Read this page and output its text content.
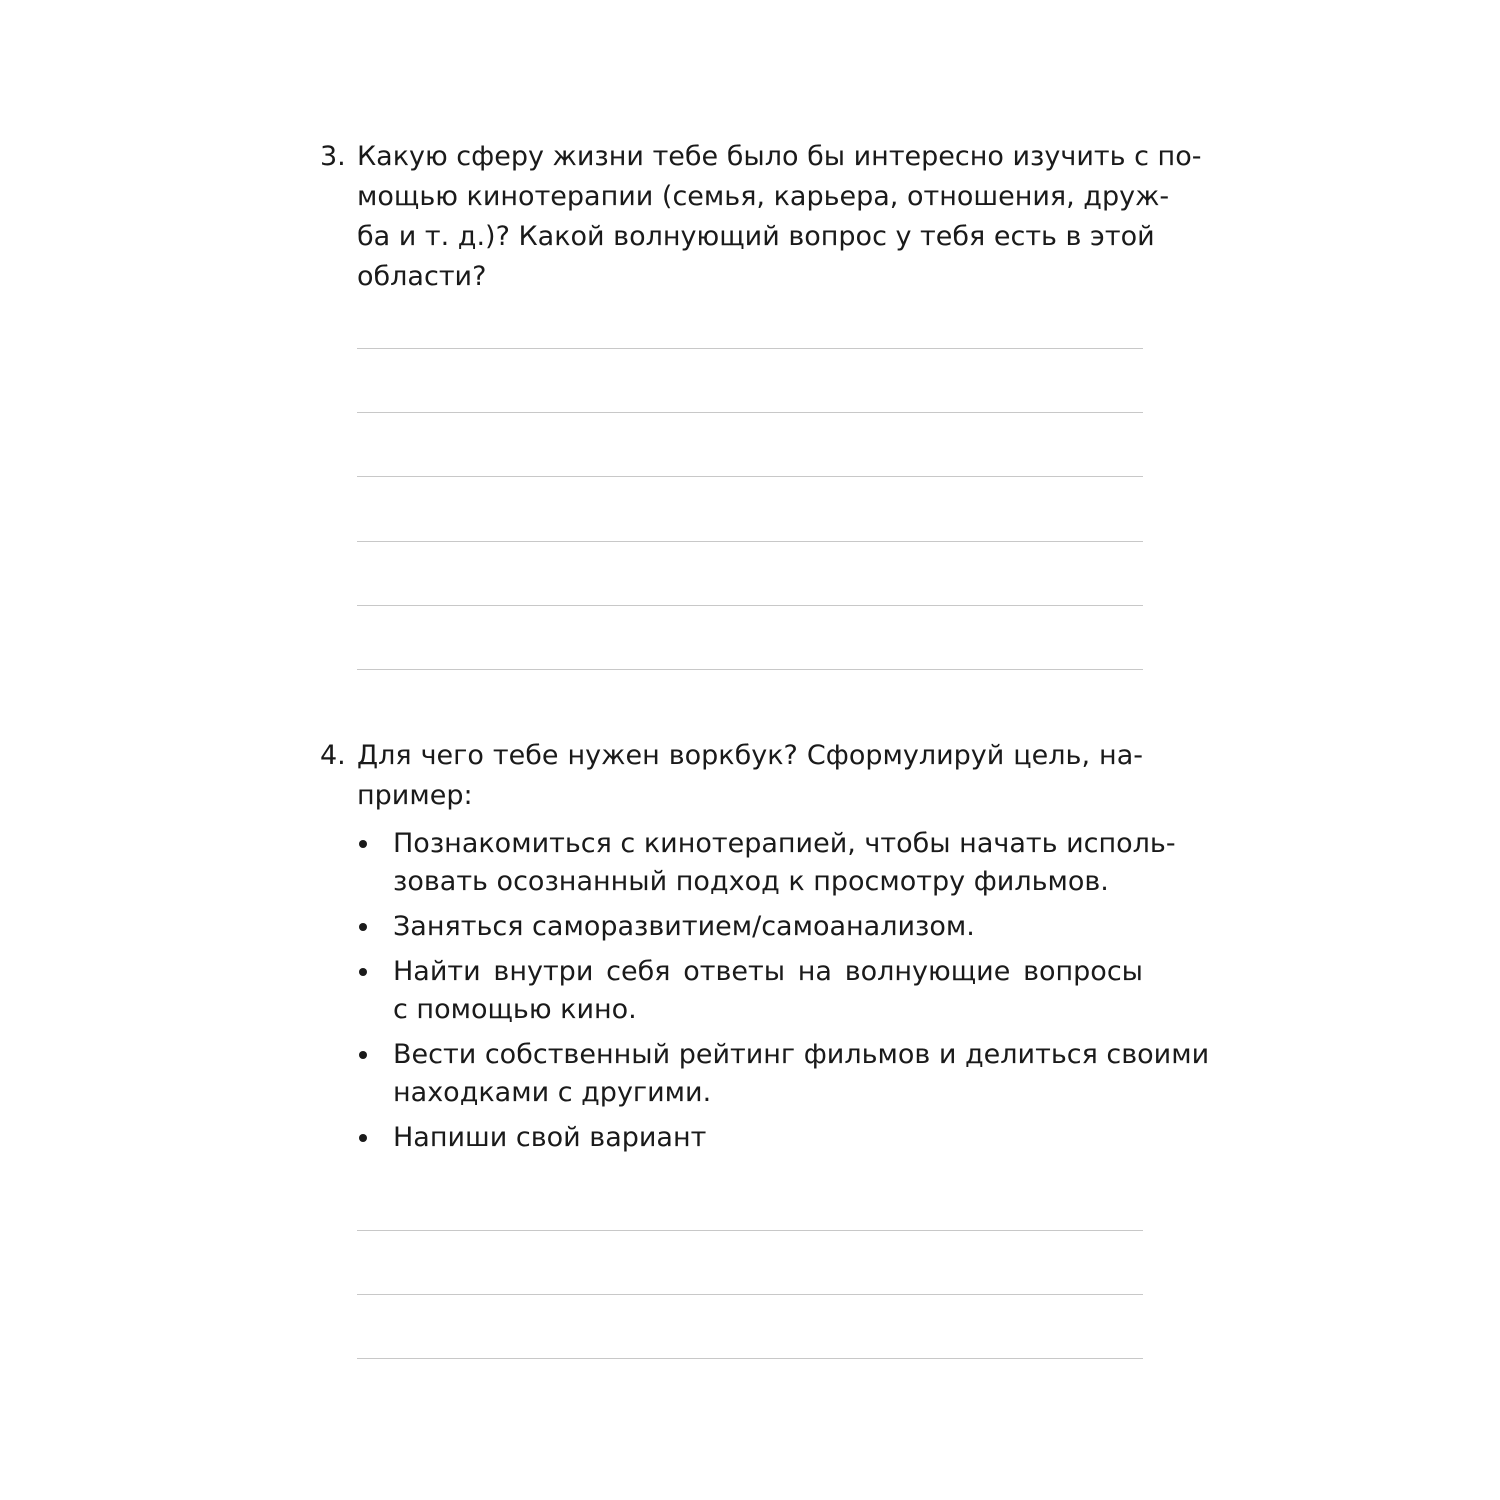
3. Какую сферу жизни тебе было бы интересно изучить с по-
мощью кинотерапии (семья, карьера, отношения, друж-
ба и т. д.)? Какой волнующий вопрос у тебя есть в этой
области?
4. Для чего тебе нужен воркбук? Сформулируй цель, на-
пример:
Познакомиться с кинотерапией, чтобы начать исполь-
зовать осознанный подход к просмотру фильмов.
Заняться саморазвитием/самоанализом.
Найти внутри себя ответы на волнующие вопросы
с помощью кино.
Вести собственный рейтинг фильмов и делиться своими
находками с другими.
Напиши свой вариант
